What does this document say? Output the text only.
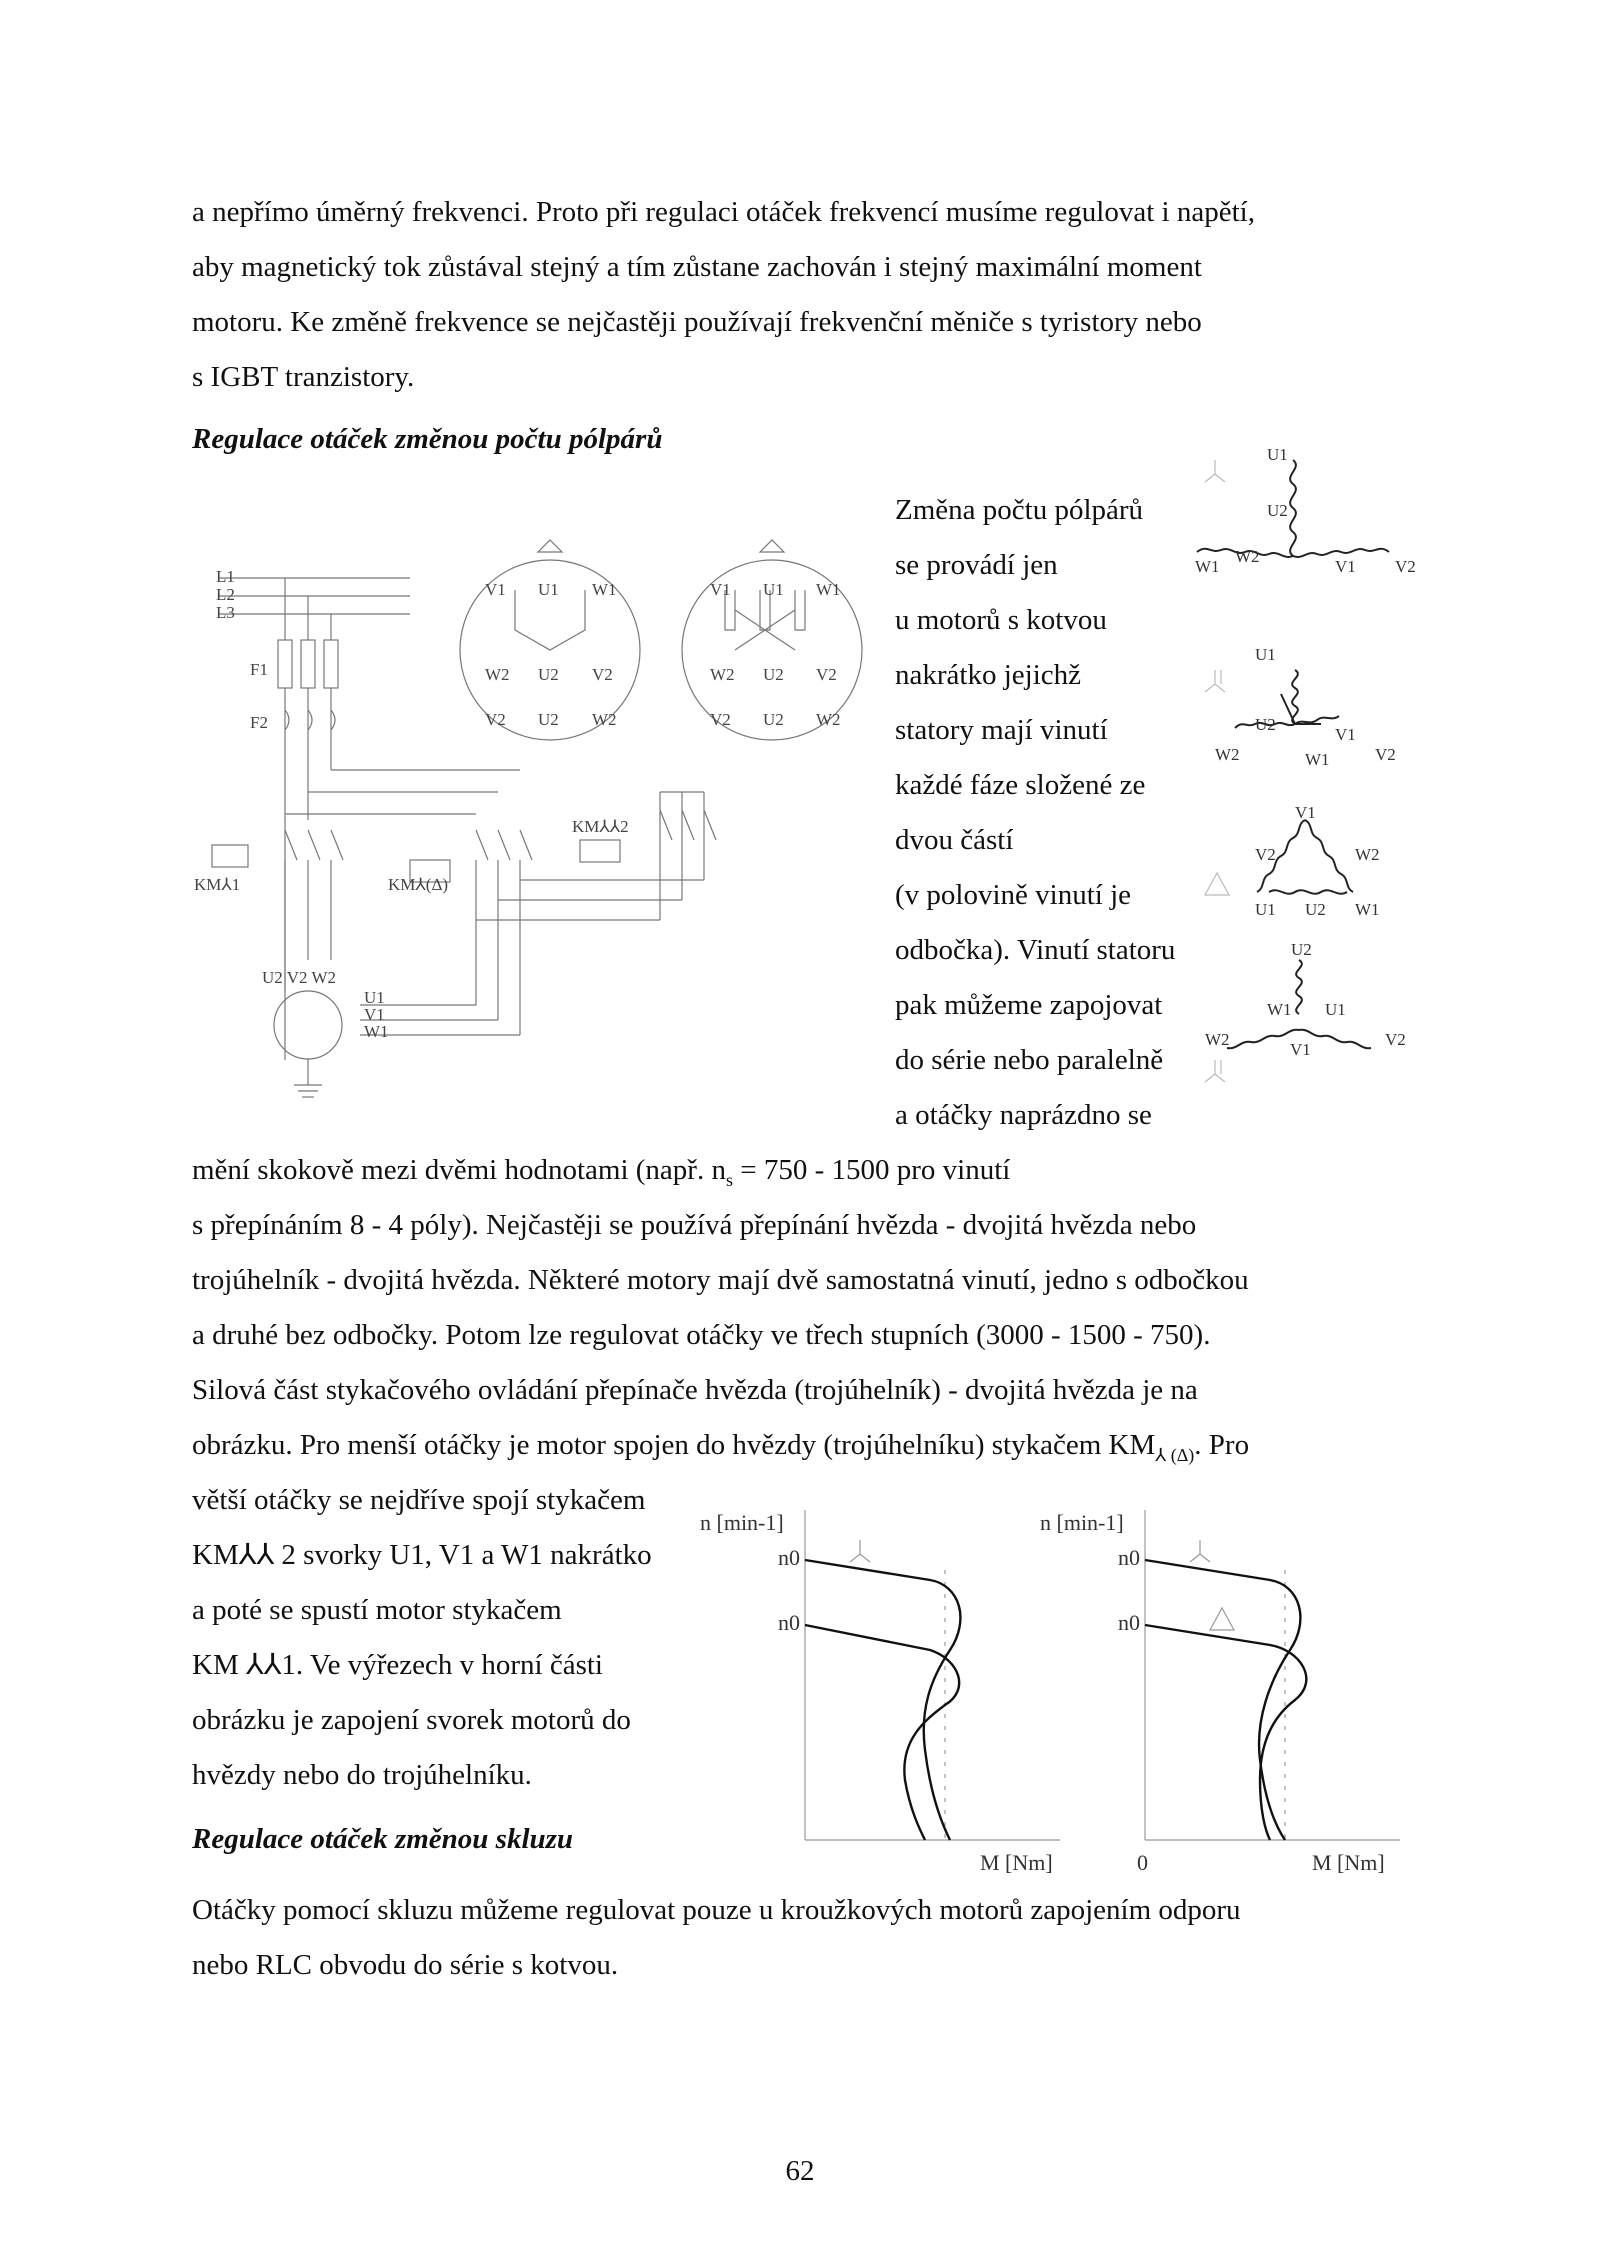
a nepřímo úměrný frekvenci. Proto při regulaci otáček frekvencí musíme regulovat i napětí,
aby magnetický tok zůstával stejný a tím zůstane zachován i stejný maximální moment
motoru. Ke změně frekvence se nejčastěji používají frekvenční měniče s tyristory nebo
s IGBT tranzistory.
Regulace otáček změnou počtu pólpárů
L1
L2
L3
F1
F2
KM⅄1	KM⅄(Δ)
KM⅄⅄2
U2 V2 W2
U1
V1
W1
V1 U1 W1
W2 U2 V2
V2 U2 W2
V1 U1 W1
W2 U2 V2
V2 U2 W2
Změna počtu pólpárů
se provádí jen
u motorů s kotvou
nakrátko jejichž
statory mají vinutí
každé fáze složené ze
dvou částí
(v polovině vinutí je
odbočka). Vinutí statoru
pak můžeme zapojovat
do série nebo paralelně
a otáčky naprázdno se
U1
U2
W1	V1
W2
V2
U1
U2
V1
V2
W2	W1
V1
V2	W2
U1 U2 W1
U2
W1 U1
W2
V1
V2
mění skokově mezi dvěmi hodnotami (např. $n_s = 750 - 1500$ pro vinutí
s přepínáním 8 - 4 póly). Nejčastěji se používá přepínání hvězda - dvojitá hvězda nebo
trojúhelník - dvojitá hvězda. Některé motory mají dvě samostatná vinutí, jedno s odbočkou
a druhé bez odbočky. Potom lze regulovat otáčky ve třech stupních (3000 - 1500 - 750).
Silová část stykačového ovládání přepínače hvězda (trojúhelník) - dvojitá hvězda je na
obrázku. Pro menší otáčky je motor spojen do hvězdy (trojúhelníku) stykačem $KM_{⅄ (\Delta)}$. Pro
větší otáčky se nejdříve spojí stykačem
KM⅄⅄ 2 svorky U1, V1 a W1 nakrátko
a poté se spustí motor stykačem
KM ⅄⅄1. Ve výřezech v horní části
obrázku je zapojení svorek motorů do
hvězdy nebo do trojúhelníku.
n [min-1]	n [min-1]
n0
n0
n0
n0
M [Nm]	0	M [Nm]
Regulace otáček změnou skluzu
Otáčky pomocí skluzu můžeme regulovat pouze u kroužkových motorů zapojením odporu
nebo RLC obvodu do série s kotvou.
62
